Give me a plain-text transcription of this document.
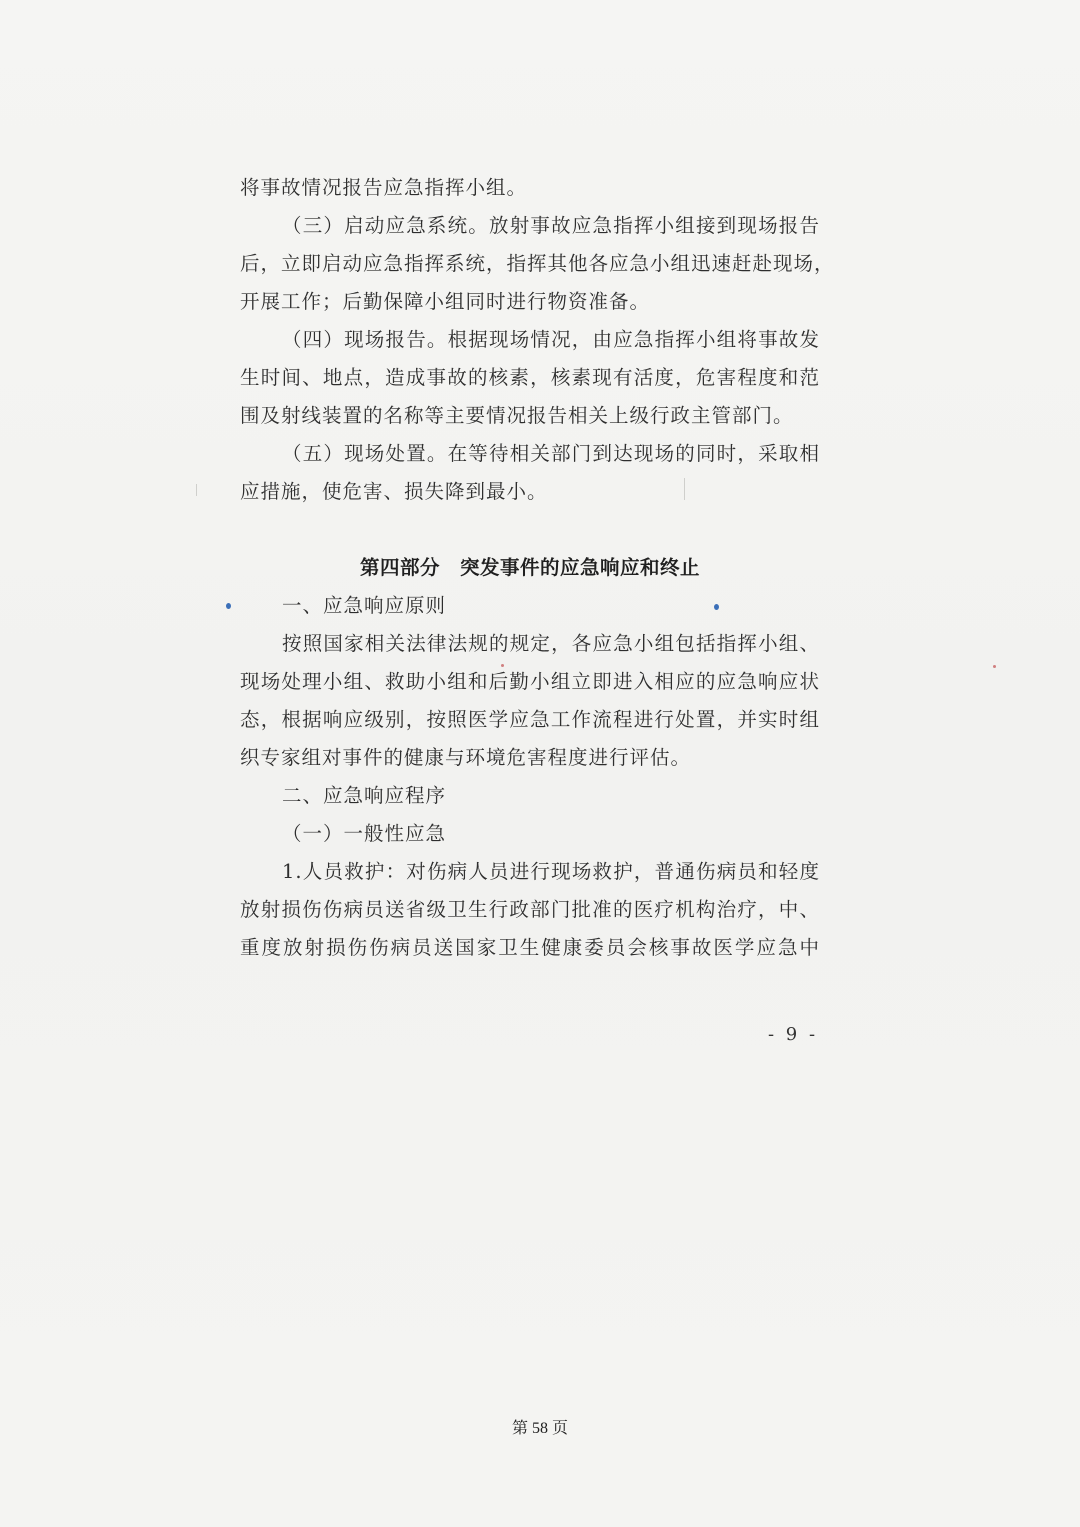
将事故情况报告应急指挥小组。
（三）启动应急系统。放射事故应急指挥小组接到现场报告
后，立即启动应急指挥系统，指挥其他各应急小组迅速赶赴现场，
开展工作；后勤保障小组同时进行物资准备。
（四）现场报告。根据现场情况，由应急指挥小组将事故发
生时间、地点，造成事故的核素，核素现有活度，危害程度和范
围及射线装置的名称等主要情况报告相关上级行政主管部门。
（五）现场处置。在等待相关部门到达现场的同时，采取相
应措施，使危害、损失降到最小。
第四部分　突发事件的应急响应和终止
一、应急响应原则
按照国家相关法律法规的规定，各应急小组包括指挥小组、
现场处理小组、救助小组和后勤小组立即进入相应的应急响应状
态，根据响应级别，按照医学应急工作流程进行处置，并实时组
织专家组对事件的健康与环境危害程度进行评估。
二、应急响应程序
（一）一般性应急
1.人员救护：对伤病人员进行现场救护，普通伤病员和轻度
放射损伤伤病员送省级卫生行政部门批准的医疗机构治疗，中、
重度放射损伤伤病员送国家卫生健康委员会核事故医学应急中
- 9 -
第 58 页
